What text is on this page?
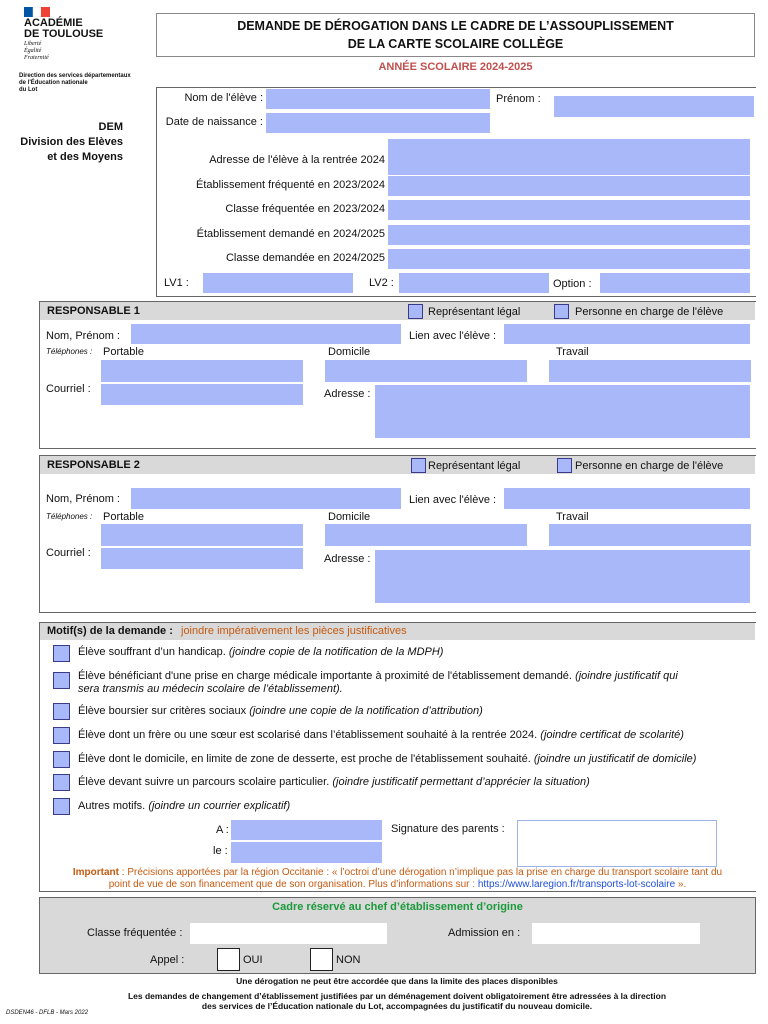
ACADÉMIE
DE TOULOUSE
Liberté
Égalité
Fraternité
Direction des services départementaux
de l'Éducation nationale
du Lot
DEM
Division des Elèves
et des Moyens
DEMANDE DE DÉROGATION DANS LE CADRE DE L’ASSOUPLISSEMENT
DE LA CARTE SCOLAIRE COLLÈGE
ANNÉE SCOLAIRE 2024-2025
Nom de l'élève :	Prénom :
Date de naissance :
Adresse de l'élève à la rentrée 2024
Établissement fréquenté en 2023/2024
Classe fréquentée en 2023/2024
Établissement demandé en 2024/2025
Classe demandée en 2024/2025
LV1 :	LV2 :	Option :
RESPONSABLE 1	Représentant légal	Personne en charge de l'élève
Nom, Prénom :	Lien avec l'élève :
Téléphones : Portable	Domicile	Travail
Courriel :	Adresse :
RESPONSABLE 2	Représentant légal	Personne en charge de l'élève
Nom, Prénom :	Lien avec l'élève :
Téléphones : Portable	Domicile	Travail
Courriel :	Adresse :
Motif(s) de la demande : joindre impérativement les pièces justificatives
Élève souffrant d’un handicap. (joindre copie de la notification de la MDPH)
Élève bénéficiant d'une prise en charge médicale importante à proximité de l'établissement demandé. (joindre justificatif qui
sera transmis au médecin scolaire de l’établissement).
Élève boursier sur critères sociaux (joindre une copie de la notification d’attribution)
Élève dont un frère ou une sœur est scolarisé dans l’établissement souhaité à la rentrée 2024. (joindre certificat de scolarité)
Élève dont le domicile, en limite de zone de desserte, est proche de l'établissement souhaité. (joindre un justificatif de domicile)
Élève devant suivre un parcours scolaire particulier. (joindre justificatif permettant d’apprécier la situation)
Autres motifs. (joindre un courrier explicatif)
A :
le :
Signature des parents :
Important : Précisions apportées par la région Occitanie : « l’octroi d’une dérogation n’implique pas la prise en charge du transport scolaire tant du
point de vue de son financement que de son organisation. Plus d’informations sur : https://www.laregion.fr/transports-lot-scolaire ».
Cadre réservé au chef d’établissement d’origine
Classe fréquentée :	Admission en :
Appel :	OUI	NON
Une dérogation ne peut être accordée que dans la limite des places disponibles
Les demandes de changement d’établissement justifiées par un déménagement doivent obligatoirement être adressées à la direction
des services de l’Éducation nationale du Lot, accompagnées du justificatif du nouveau domicile.
DSDEN46 - DFLB - Mars 2022
